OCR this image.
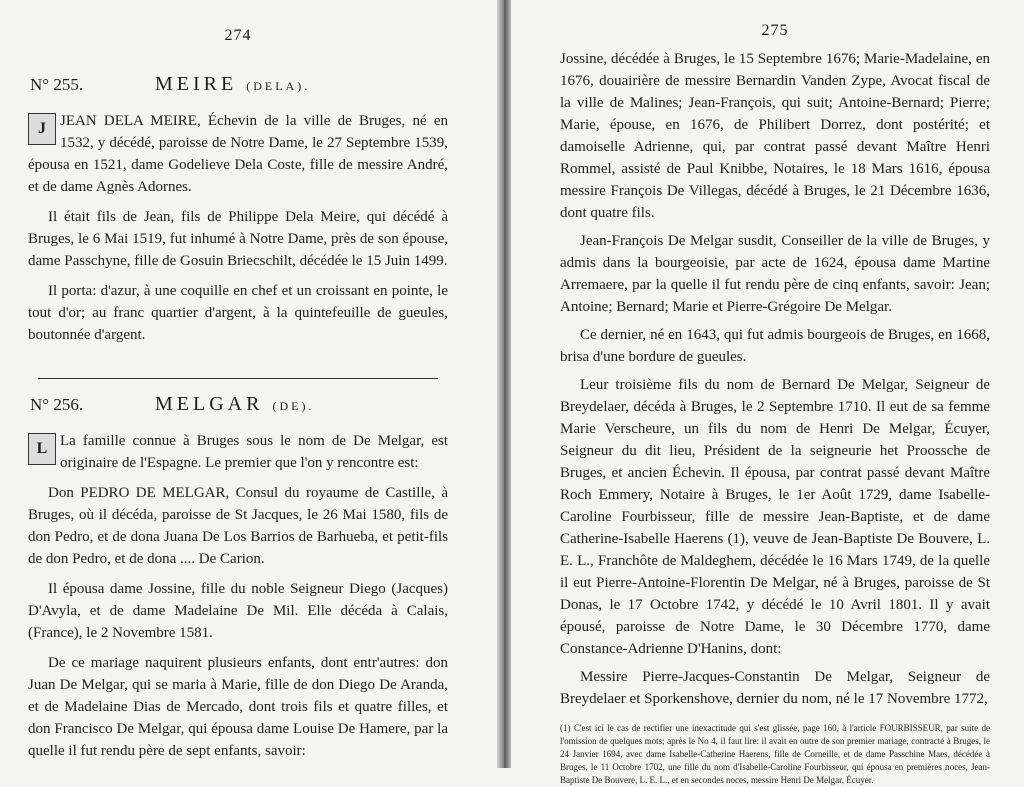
274
N° 255.	MEIRE (DELA).
J JEAN DELA MEIRE, Échevin de la ville de Bruges, né en 1532, y décédé, paroisse de Notre Dame, le 27 Septembre 1539, épousa en 1521, dame Godelieve Dela Coste, fille de messire André, et de dame Agnès Adornes.

Il était fils de Jean, fils de Philippe Dela Meire, qui décédé à Bruges, le 6 Mai 1519, fut inhumé à Notre Dame, près de son épouse, dame Passchyne, fille de Gosuin Briecschilt, décédée le 15 Juin 1499.

Il porta: d'azur, à une coquille en chef et un croissant en pointe, le tout d'or; au franc quartier d'argent, à la quintefeuille de gueules, boutonnée d'argent.

N° 256.	MELGAR (DE).
L La famille connue à Bruges sous le nom de De Melgar, est originaire de l'Espagne. Le premier que l'on y rencontre est:

Don PEDRO DE MELGAR, Consul du royaume de Castille, à Bruges, où il décéda, paroisse de St Jacques, le 26 Mai 1580, fils de don Pedro, et de dona Juana De Los Barrios de Barhueba, et petit-fils de don Pedro, et de dona .... De Carion.

Il épousa dame Jossine, fille du noble Seigneur Diego (Jacques) D'Avyla, et de dame Madelaine De Mil. Elle décéda à Calais, (France), le 2 Novembre 1581.

De ce mariage naquirent plusieurs enfants, dont entr'autres: don Juan De Melgar, qui se maria à Marie, fille de don Diego De Aranda, et de Madelaine Dias de Mercado, dont trois fils et quatre filles, et don Francisco De Melgar, qui épousa dame Louise De Hamere, par la quelle il fut rendu père de sept enfants, savoir:

275

Jossine, décédée à Bruges, le 15 Septembre 1676; Marie-Madelaine, en 1676, douairière de messire Bernardin Vanden Zype, Avocat fiscal de la ville de Malines; Jean-François, qui suit; Antoine-Bernard; Pierre; Marie, épouse, en 1676, de Philibert Dorrez, dont postérité; et damoiselle Adrienne, qui, par contrat passé devant Maître Henri Rommel, assisté de Paul Knibbe, Notaires, le 18 Mars 1616, épousa messire François De Villegas, décédé à Bruges, le 21 Décembre 1636, dont quatre fils.

Jean-François De Melgar susdit, Conseiller de la ville de Bruges, y admis dans la bourgeoisie, par acte de 1624, épousa dame Martine Arremaere, par la quelle il fut rendu père de cinq enfants, savoir: Jean; Antoine; Bernard; Marie et Pierre-Grégoire De Melgar.

Ce dernier, né en 1643, qui fut admis bourgeois de Bruges, en 1668, brisa d'une bordure de gueules.

Leur troisième fils du nom de Bernard De Melgar, Seigneur de Breydelaer, décéda à Bruges, le 2 Septembre 1710. Il eut de sa femme Marie Verscheure, un fils du nom de Henri De Melgar, Écuyer, Seigneur du dit lieu, Président de la seigneurie het Proossche de Bruges, et ancien Échevin. Il épousa, par contrat passé devant Maître Roch Emmery, Notaire à Bruges, le 1er Août 1729, dame Isabelle-Caroline Fourbisseur, fille de messire Jean-Baptiste, et de dame Catherine-Isabelle Haerens (1), veuve de Jean-Baptiste De Bouvere, L. E. L., Franchôte de Maldeghem, décédée le 16 Mars 1749, de la quelle il eut Pierre-Antoine-Florentin De Melgar, né à Bruges, paroisse de St Donas, le 17 Octobre 1742, y décédé le 10 Avril 1801. Il y avait épousé, paroisse de Notre Dame, le 30 Décembre 1770, dame Constance-Adrienne D'Hanins, dont:

Messire Pierre-Jacques-Constantin De Melgar, Seigneur de Breydelaer et Sporkenshove, dernier du nom, né le 17 Novembre 1772,

(1) C'est ici le cas de rectifier une inexactitude qui s'est glissée, page 160, à l'article FOURBISSEUR, par suite de l'omission de quelques mots; après le No 4, il faut lire: il avait en outre de son premier mariage, contracté à Bruges, le 24 Janvier 1694, avec dame Isabelle-Catherine Haerens, fille de Corneille, et de dame Passchine Maes, décédée à Bruges, le 11 Octobre 1702, une fille du nom d'Isabelle-Caroline Fourbisseur, qui épousa en premières noces, Jean-Baptiste De Bouvere, L. E. L., et en secondes noces, messire Henri De Melgar, Écuyer.
